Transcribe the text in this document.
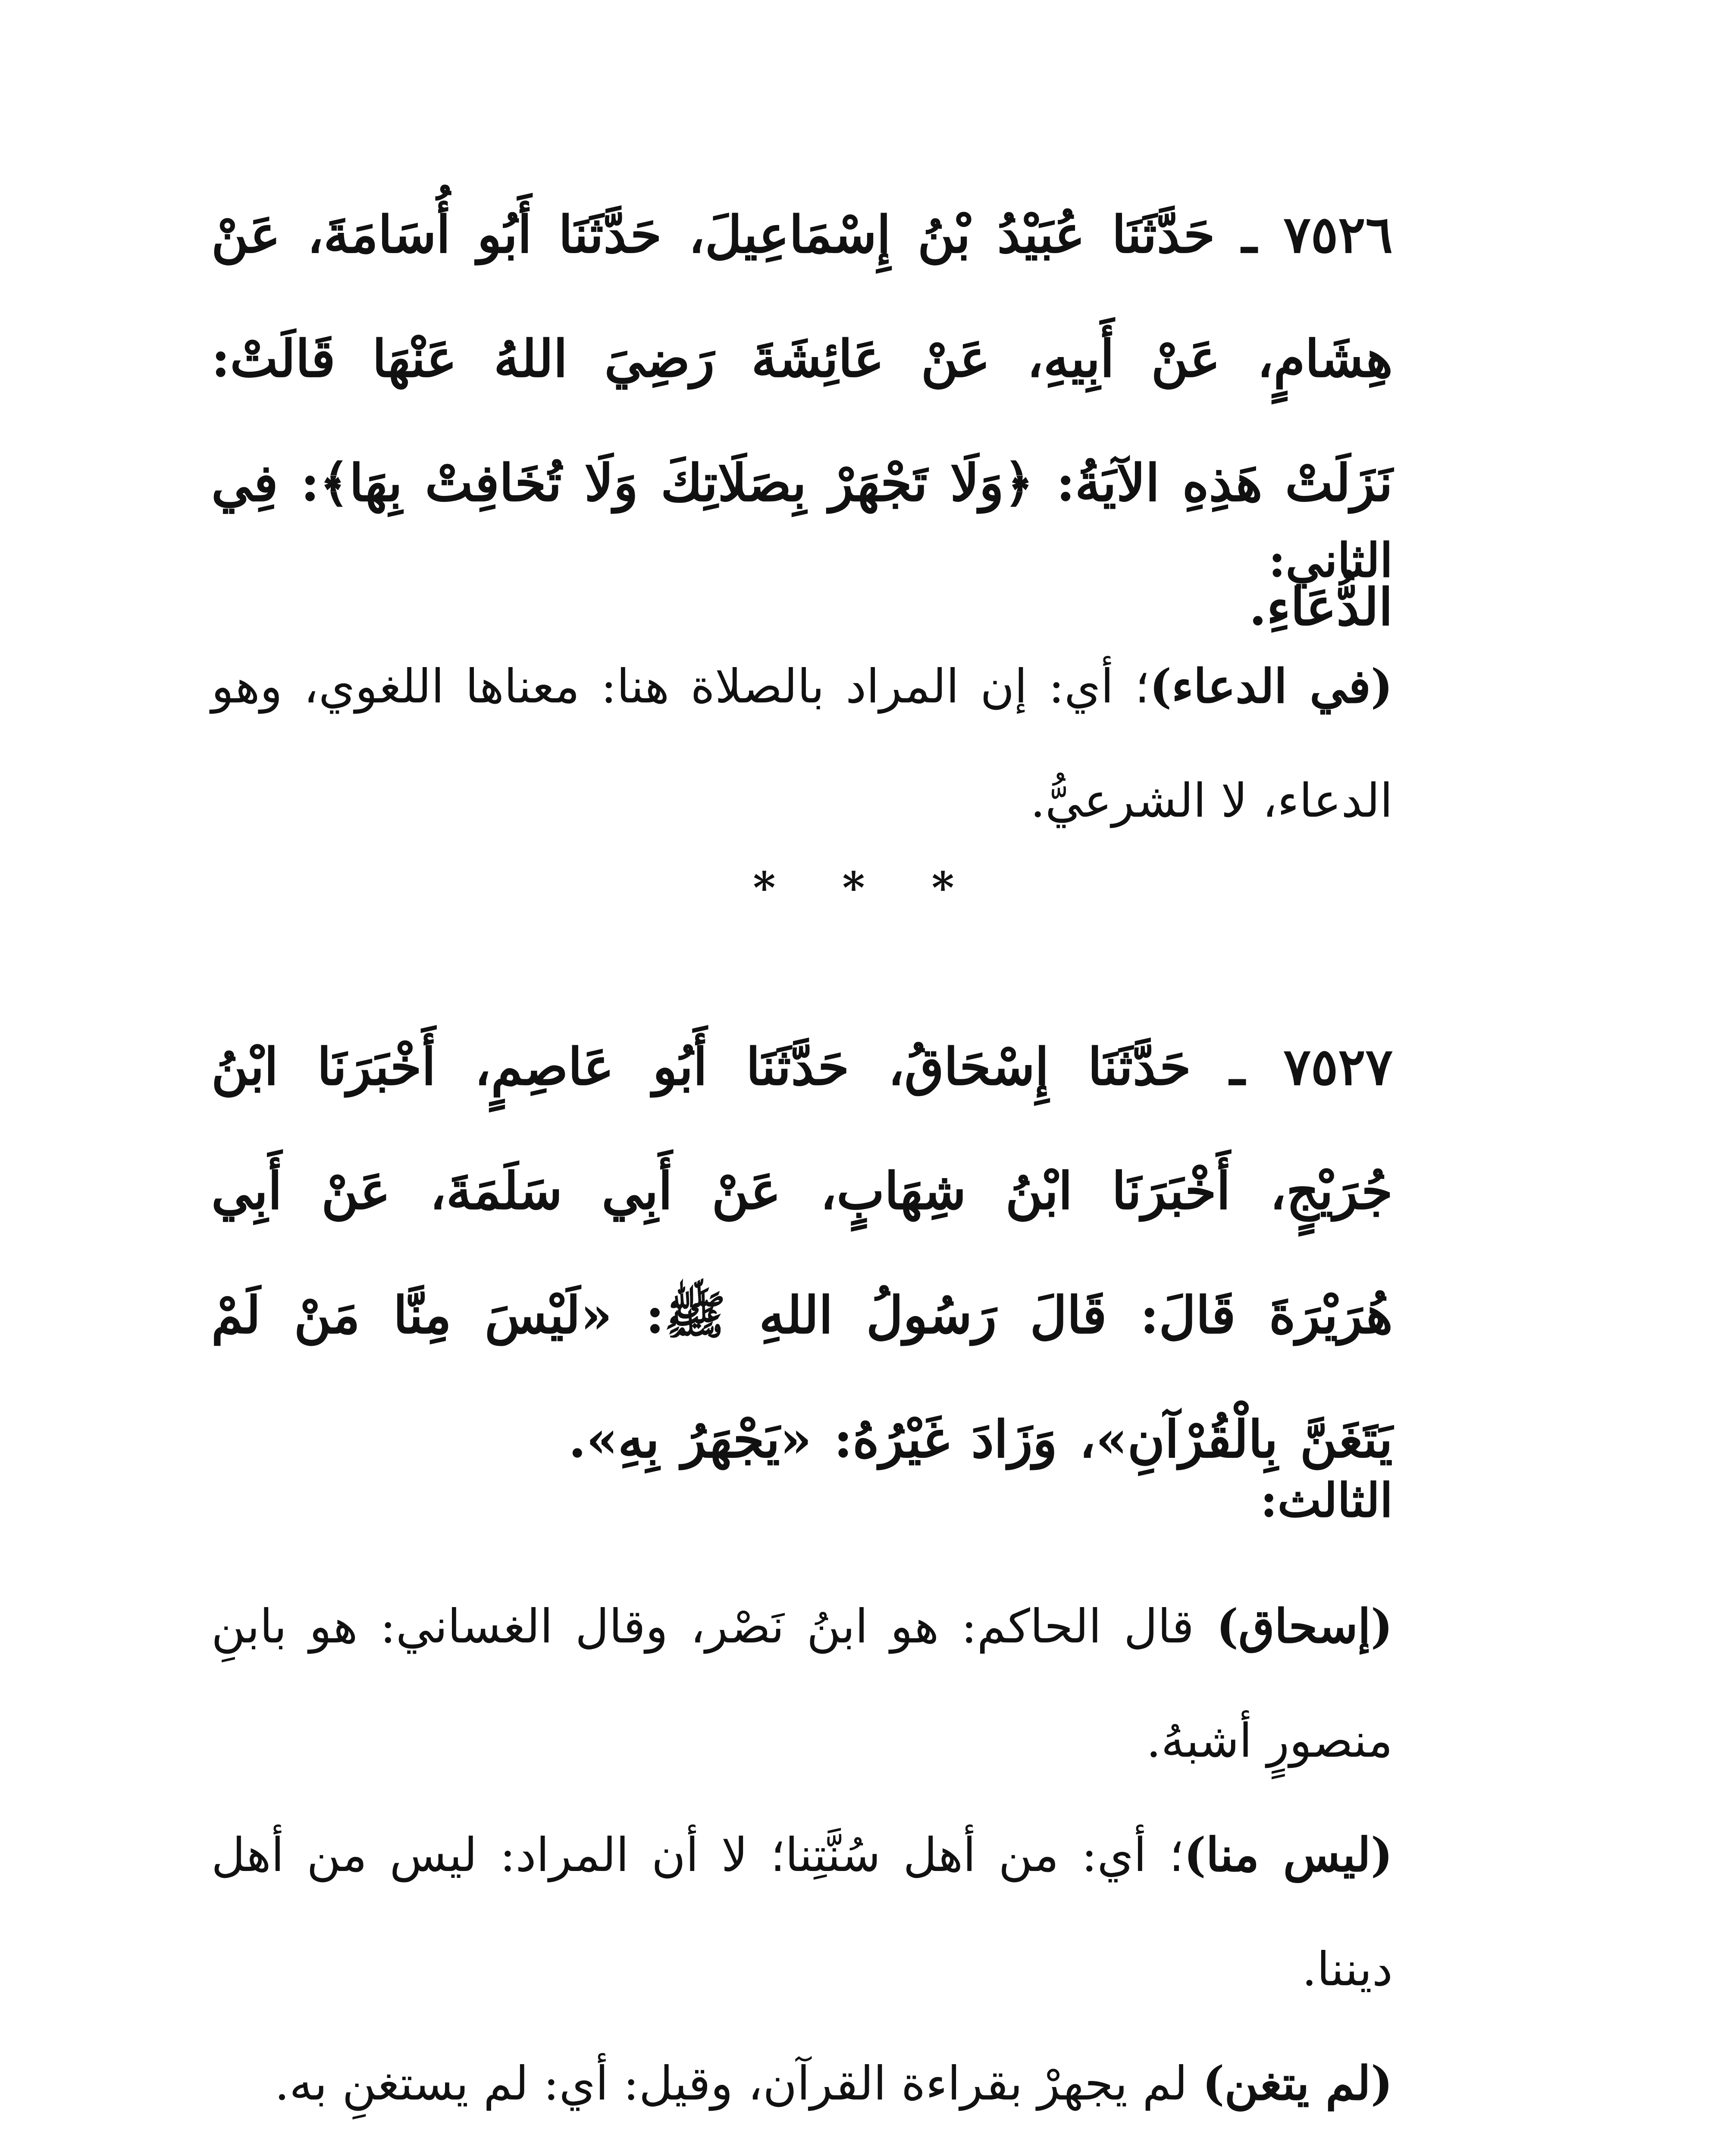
٧٥٢٦ ـ حَدَّثَنَا عُبَيْدُ بْنُ إِسْمَاعِيلَ، حَدَّثَنَا أَبُو أُسَامَةَ، عَنْ هِشَامٍ، عَنْ أَبِيهِ، عَنْ عَائِشَةَ رَضِيَ اللهُ عَنْهَا قَالَتْ: نَزَلَتْ هَذِهِ الآيَةُ: ﴿وَلَا تَجْهَرْ بِصَلَاتِكَ وَلَا تُخَافِتْ بِهَا﴾: فِي الدُّعَاءِ.

الثاني:

(في الدعاء)؛ أي: إن المراد بالصلاة هنا: معناها اللغوي، وهو الدعاء، لا الشرعيُّ.

* * *

٧٥٢٧ ـ حَدَّثَنَا إِسْحَاقُ، حَدَّثَنَا أَبُو عَاصِمٍ، أَخْبَرَنَا ابْنُ جُرَيْجٍ، أَخْبَرَنَا ابْنُ شِهَابٍ، عَنْ أَبِي سَلَمَةَ، عَنْ أَبِي هُرَيْرَةَ قَالَ: قَالَ رَسُولُ اللهِ ﷺ: «لَيْسَ مِنَّا مَنْ لَمْ يَتَغَنَّ بِالْقُرْآنِ»، وَزَادَ غَيْرُهُ: «يَجْهَرُ بِهِ».

الثالث:

(إسحاق) قال الحاكم: هو ابنُ نَصْر، وقال الغساني: هو بابنِ منصورٍ أشبهُ.

(ليس منا)؛ أي: من أهل سُنَّتِنا؛ لا أن المراد: ليس من أهل ديننا.

(لم يتغن) لم يجهرْ بقراءة القرآن، وقيل: أي: لم يستغنِ به.
